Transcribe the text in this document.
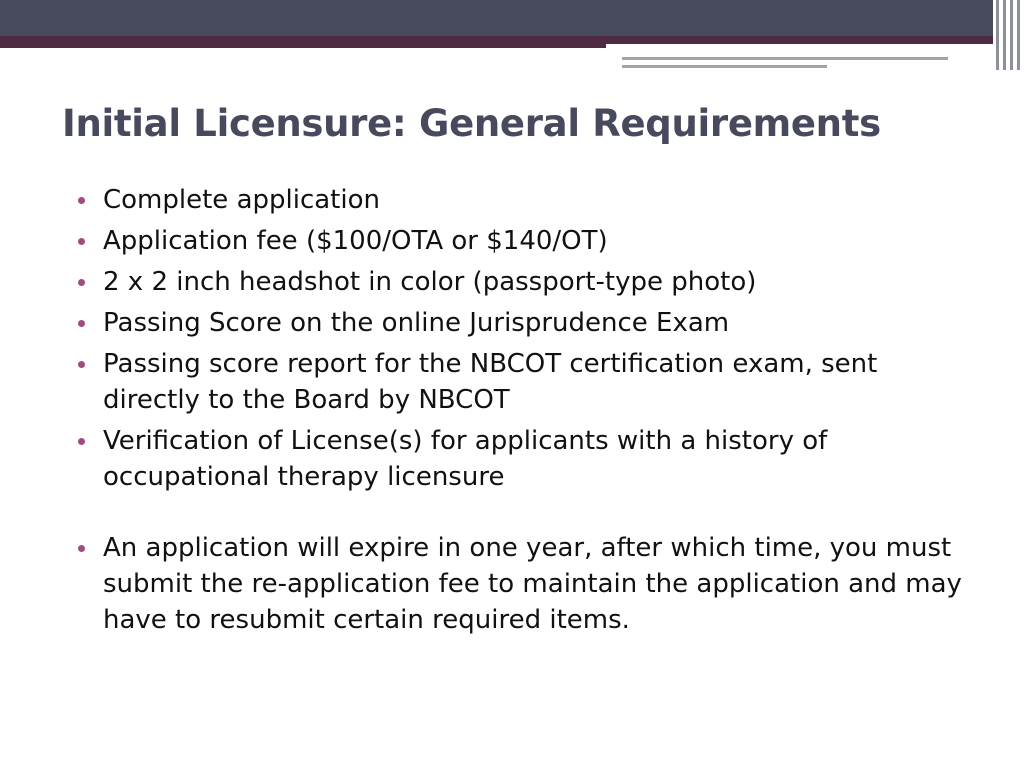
Initial Licensure: General Requirements
Complete application
Application fee ($100/OTA or $140/OT)
2 x 2 inch headshot in color (passport-type photo)
Passing Score on the online Jurisprudence Exam
Passing score report for the NBCOT certification exam, sent directly to the Board by NBCOT
Verification of License(s) for applicants with a history of occupational therapy licensure
An application will expire in one year, after which time, you must submit the re-application fee to maintain the application and may have to resubmit certain required items.
